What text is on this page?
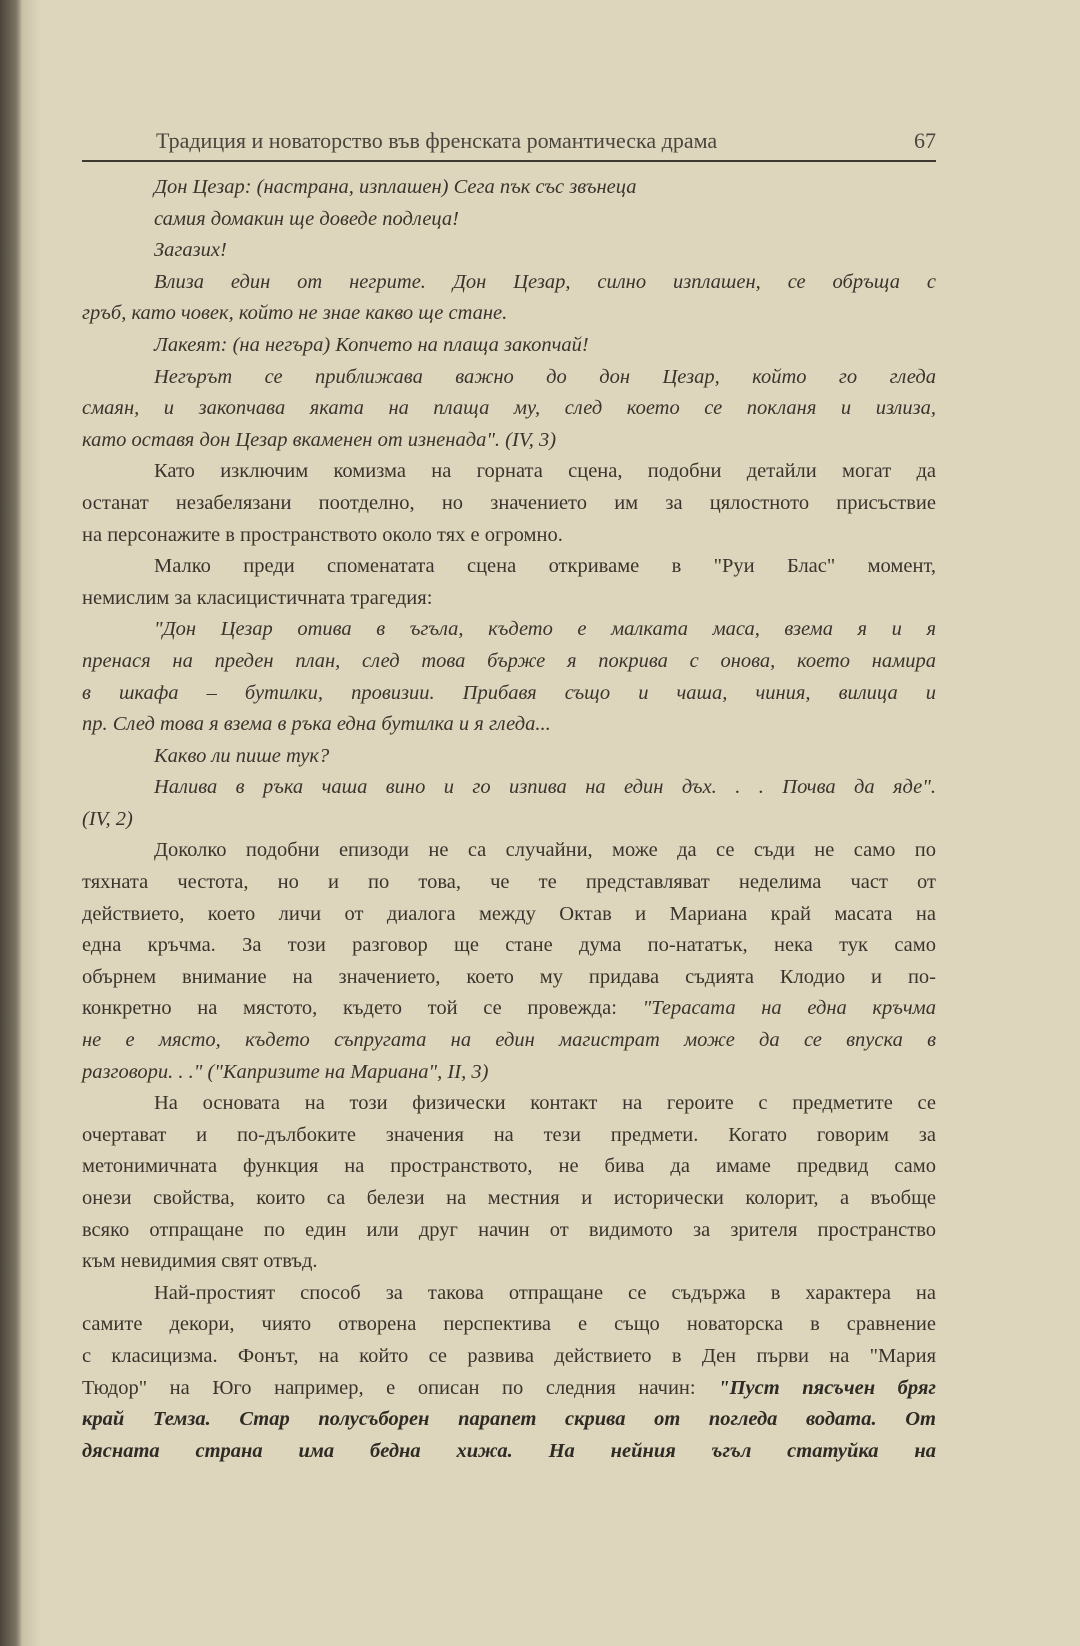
Традиция и новаторство във френската романтическа драма	67
Дон Цезар: (настрана, изплашен) Сега пък със звънеца
самия домакин ще доведе подлеца!
Загазих!
Влиза един от негрите. Дон Цезар, силно изплашен, се обръща с
гръб, като човек, който не знае какво ще стане.
Лакеят: (на негъра) Копчето на плаща закопчай!
Негърът се приближава важно до дон Цезар, който го гледа
смаян, и закопчава яката на плаща му, след което се покланя и излиза,
като оставя дон Цезар вкаменен от изненада". (IV, 3)
Като изключим комизма на горната сцена, подобни детайли могат да
останат незабелязани поотделно, но значението им за цялостното присъствие
на персонажите в пространството около тях е огромно.
Малко преди споменатата сцена откриваме в "Руи Блас" момент,
немислим за класицистичната трагедия:
"Дон Цезар отива в ъгъла, където е малката маса, взема я и я
пренася на преден план, след това бърже я покрива с онова, което намира
в шкафа – бутилки, провизии. Прибавя също и чаша, чиния, вилица и
пр. След това я взема в ръка една бутилка и я гледа...
Какво ли пише тук?
Налива в ръка чаша вино и го изпива на един дъх. . . Почва да яде".
(IV, 2)
Доколко подобни епизоди не са случайни, може да се съди не само по
тяхната честота, но и по това, че те представляват неделима част от
действието, което личи от диалога между Октав и Мариана край масата на
една кръчма. За този разговор ще стане дума по-нататък, нека тук само
обърнем внимание на значението, което му придава съдията Клодио и по-
конкретно на мястото, където той се провежда: "Терасата на една кръчма
не е място, където съпругата на един магистрат може да се впуска в
разговори. . ." ("Капризите на Мариана", II, 3)
На основата на този физически контакт на героите с предметите се
очертават и по-дълбоките значения на тези предмети. Когато говорим за
метонимичната функция на пространството, не бива да имаме предвид само
онези свойства, които са белези на местния и исторически колорит, а въобще
всяко отпращане по един или друг начин от видимото за зрителя пространство
към невидимия свят отвъд.
Най-простият способ за такова отпращане се съдържа в характера на
самите декори, чиято отворена перспектива е също новаторска в сравнение
с класицизма. Фонът, на който се развива действието в Ден първи на "Мария
Тюдор" на Юго например, е описан по следния начин: "Пуст пясъчен бряг
край Темза. Стар полусъборен парапет скрива от погледа водата. От
дясната страна има бедна хижа. На нейния ъгъл статуйка на
